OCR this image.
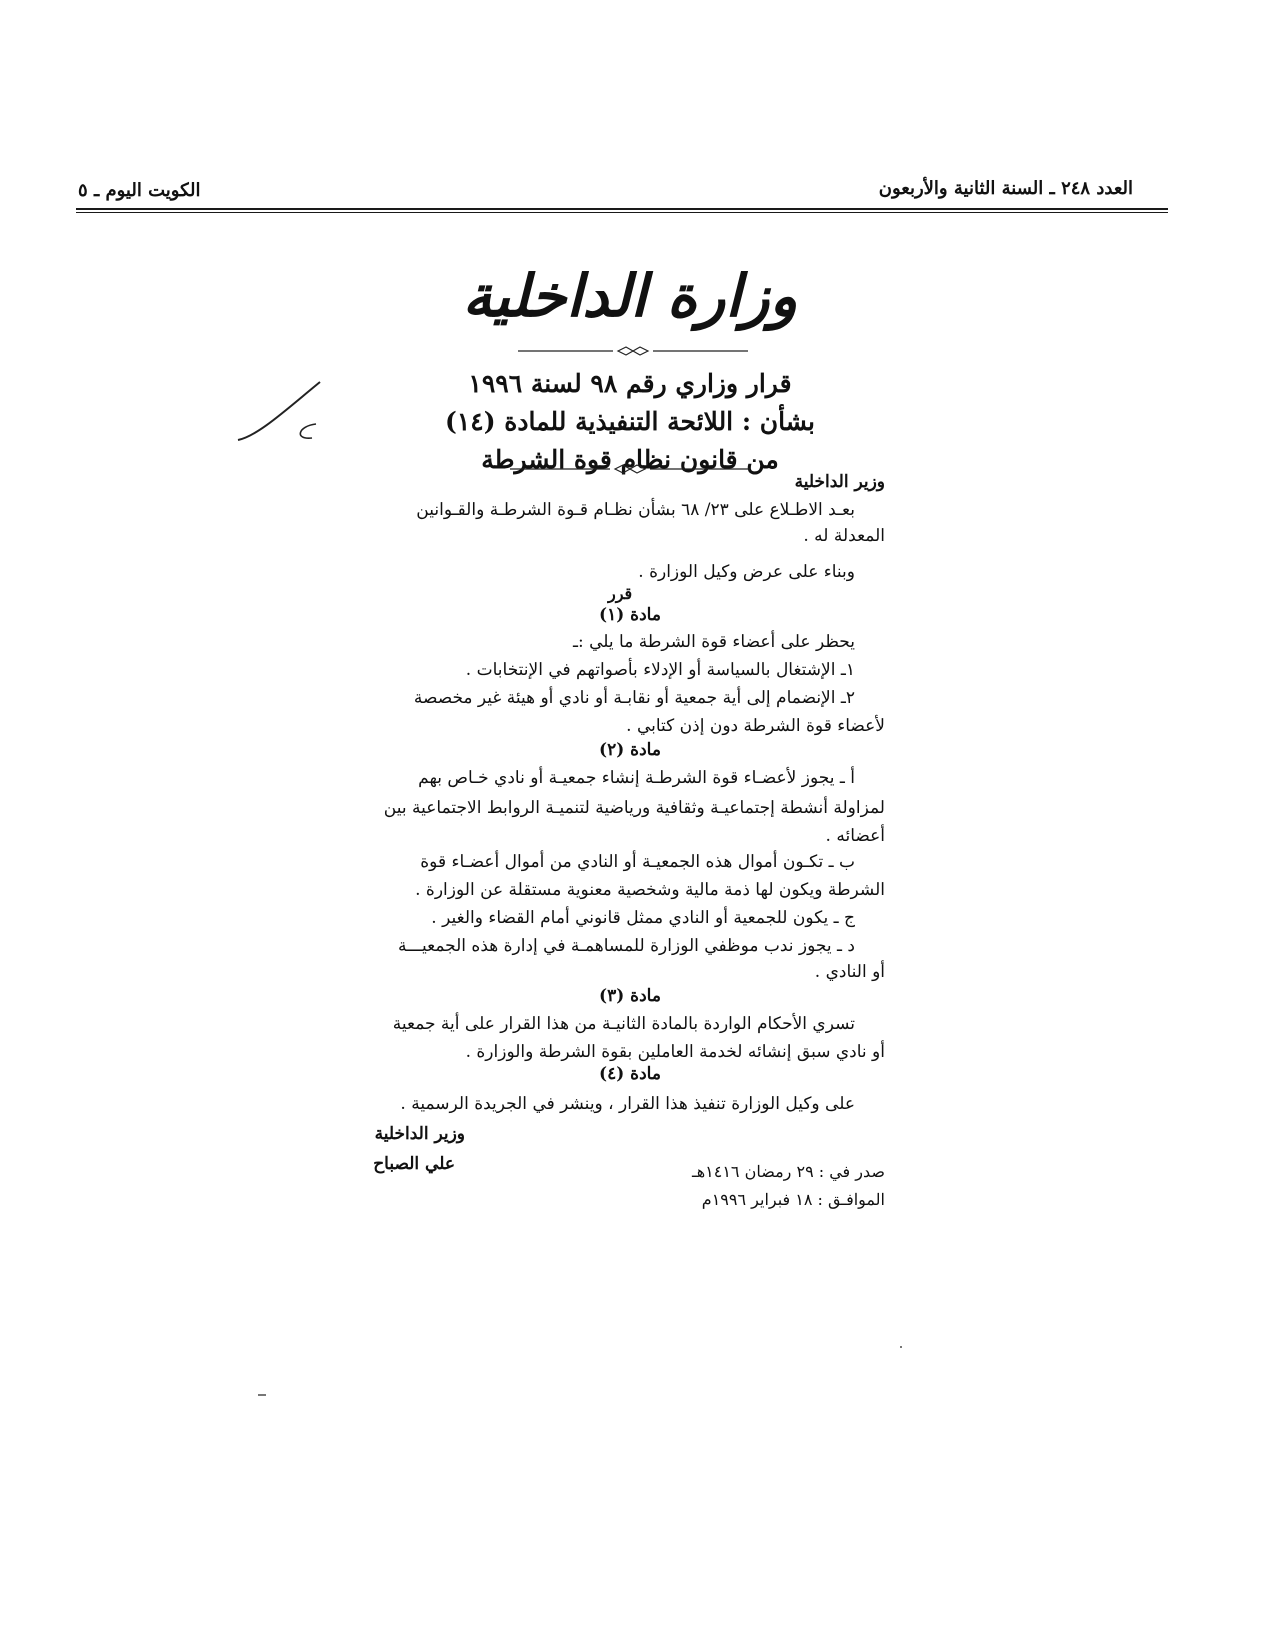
العدد ٢٤٨ ـ السنة الثانية والأربعون
الكويت اليوم ـ ٥
وزارة الداخلية
قرار وزاري رقم ٩٨ لسنة ١٩٩٦
بشأن : اللائحة التنفيذية للمادة (١٤)
من قانون نظام قوة الشرطة
وزير الداخلية
بعـد الاطـلاع على ٢٣/ ٦٨ بشأن نظـام قـوة الشرطـة والقـوانين
المعدلة له .
وبناء على عرض وكيل الوزارة .
قرر
مادة (١)
يحظر على أعضاء قوة الشرطة ما يلي :ـ
١ـ الإشتغال بالسياسة أو الإدلاء بأصواتهم في الإنتخابات .
٢ـ الإنضمام إلى أية جمعية أو نقابـة أو نادي أو هيئة غير مخصصة
لأعضاء قوة الشرطة دون إذن كتابي .
مادة (٢)
أ ـ يجوز لأعضـاء قوة الشرطـة إنشاء جمعيـة أو نادي خـاص بهم
لمزاولة أنشطة إجتماعيـة وثقافية ورياضية لتنميـة الروابط الاجتماعية بين
أعضائه .
ب ـ تكـون أموال هذه الجمعيـة أو النادي من أموال أعضـاء قوة
الشرطة ويكون لها ذمة مالية وشخصية معنوية مستقلة عن الوزارة .
ج ـ يكون للجمعية أو النادي ممثل قانوني أمام القضاء والغير .
د ـ يجوز ندب موظفي الوزارة للمساهمـة في إدارة هذه الجمعيـــة
أو النادي .
مادة (٣)
تسري الأحكام الواردة بالمادة الثانيـة من هذا القرار على أية جمعية
أو نادي سبق إنشائه لخدمة العاملين بقوة الشرطة والوزارة .
مادة (٤)
على وكيل الوزارة تنفيذ هذا القرار ، وينشر في الجريدة الرسمية .
وزير الداخلية
علي الصباح	صدر في : ٢٩ رمضان ١٤١٦هـ
الموافـق : ١٨ فبراير ١٩٩٦م
